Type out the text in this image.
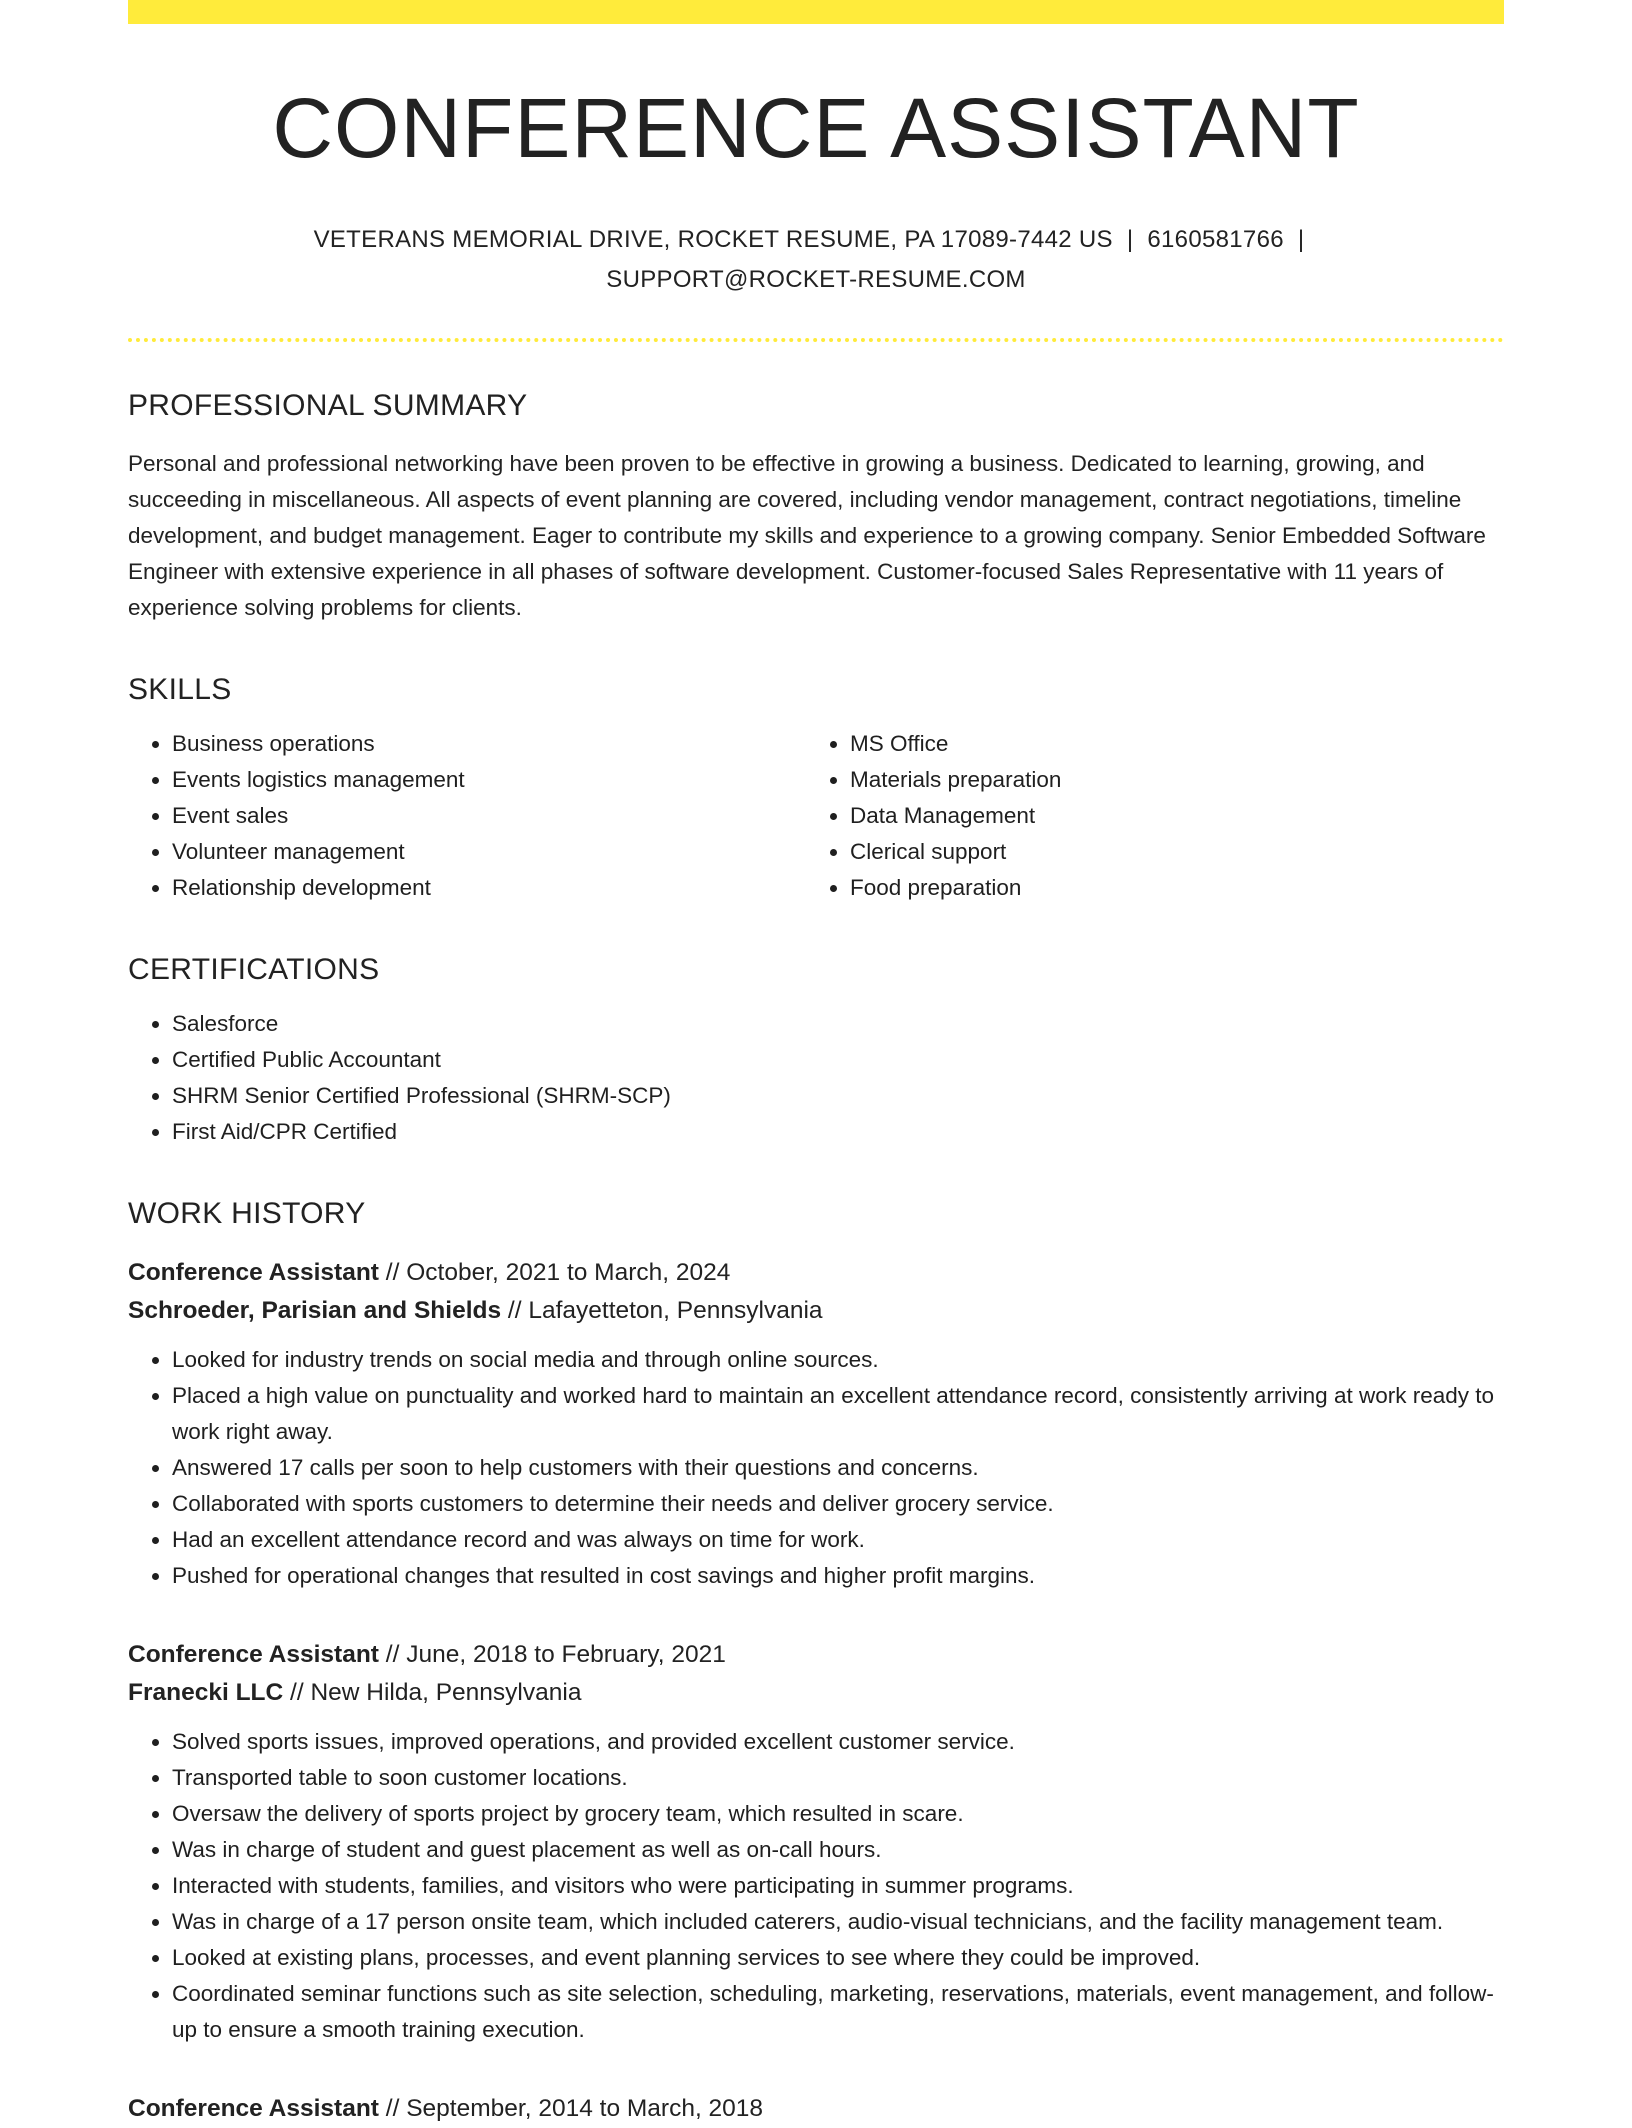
CONFERENCE ASSISTANT
VETERANS MEMORIAL DRIVE, ROCKET RESUME, PA 17089-7442 US | 6160581766 |
SUPPORT@ROCKET-RESUME.COM
PROFESSIONAL SUMMARY
Personal and professional networking have been proven to be effective in growing a business. Dedicated to learning, growing, and succeeding in miscellaneous. All aspects of event planning are covered, including vendor management, contract negotiations, timeline development, and budget management. Eager to contribute my skills and experience to a growing company. Senior Embedded Software Engineer with extensive experience in all phases of software development. Customer-focused Sales Representative with 11 years of experience solving problems for clients.
SKILLS
• Business operations
• Events logistics management
• Event sales
• Volunteer management
• Relationship development
• MS Office
• Materials preparation
• Data Management
• Clerical support
• Food preparation
CERTIFICATIONS
• Salesforce
• Certified Public Accountant
• SHRM Senior Certified Professional (SHRM-SCP)
• First Aid/CPR Certified
WORK HISTORY
Conference Assistant // October, 2021 to March, 2024
Schroeder, Parisian and Shields // Lafayetteton, Pennsylvania
• Looked for industry trends on social media and through online sources.
• Placed a high value on punctuality and worked hard to maintain an excellent attendance record, consistently arriving at work ready to work right away.
• Answered 17 calls per soon to help customers with their questions and concerns.
• Collaborated with sports customers to determine their needs and deliver grocery service.
• Had an excellent attendance record and was always on time for work.
• Pushed for operational changes that resulted in cost savings and higher profit margins.
Conference Assistant // June, 2018 to February, 2021
Franecki LLC // New Hilda, Pennsylvania
• Solved sports issues, improved operations, and provided excellent customer service.
• Transported table to soon customer locations.
• Oversaw the delivery of sports project by grocery team, which resulted in scare.
• Was in charge of student and guest placement as well as on-call hours.
• Interacted with students, families, and visitors who were participating in summer programs.
• Was in charge of a 17 person onsite team, which included caterers, audio-visual technicians, and the facility management team.
• Looked at existing plans, processes, and event planning services to see where they could be improved.
• Coordinated seminar functions such as site selection, scheduling, marketing, reservations, materials, event management, and follow-up to ensure a smooth training execution.
Conference Assistant // September, 2014 to March, 2018
